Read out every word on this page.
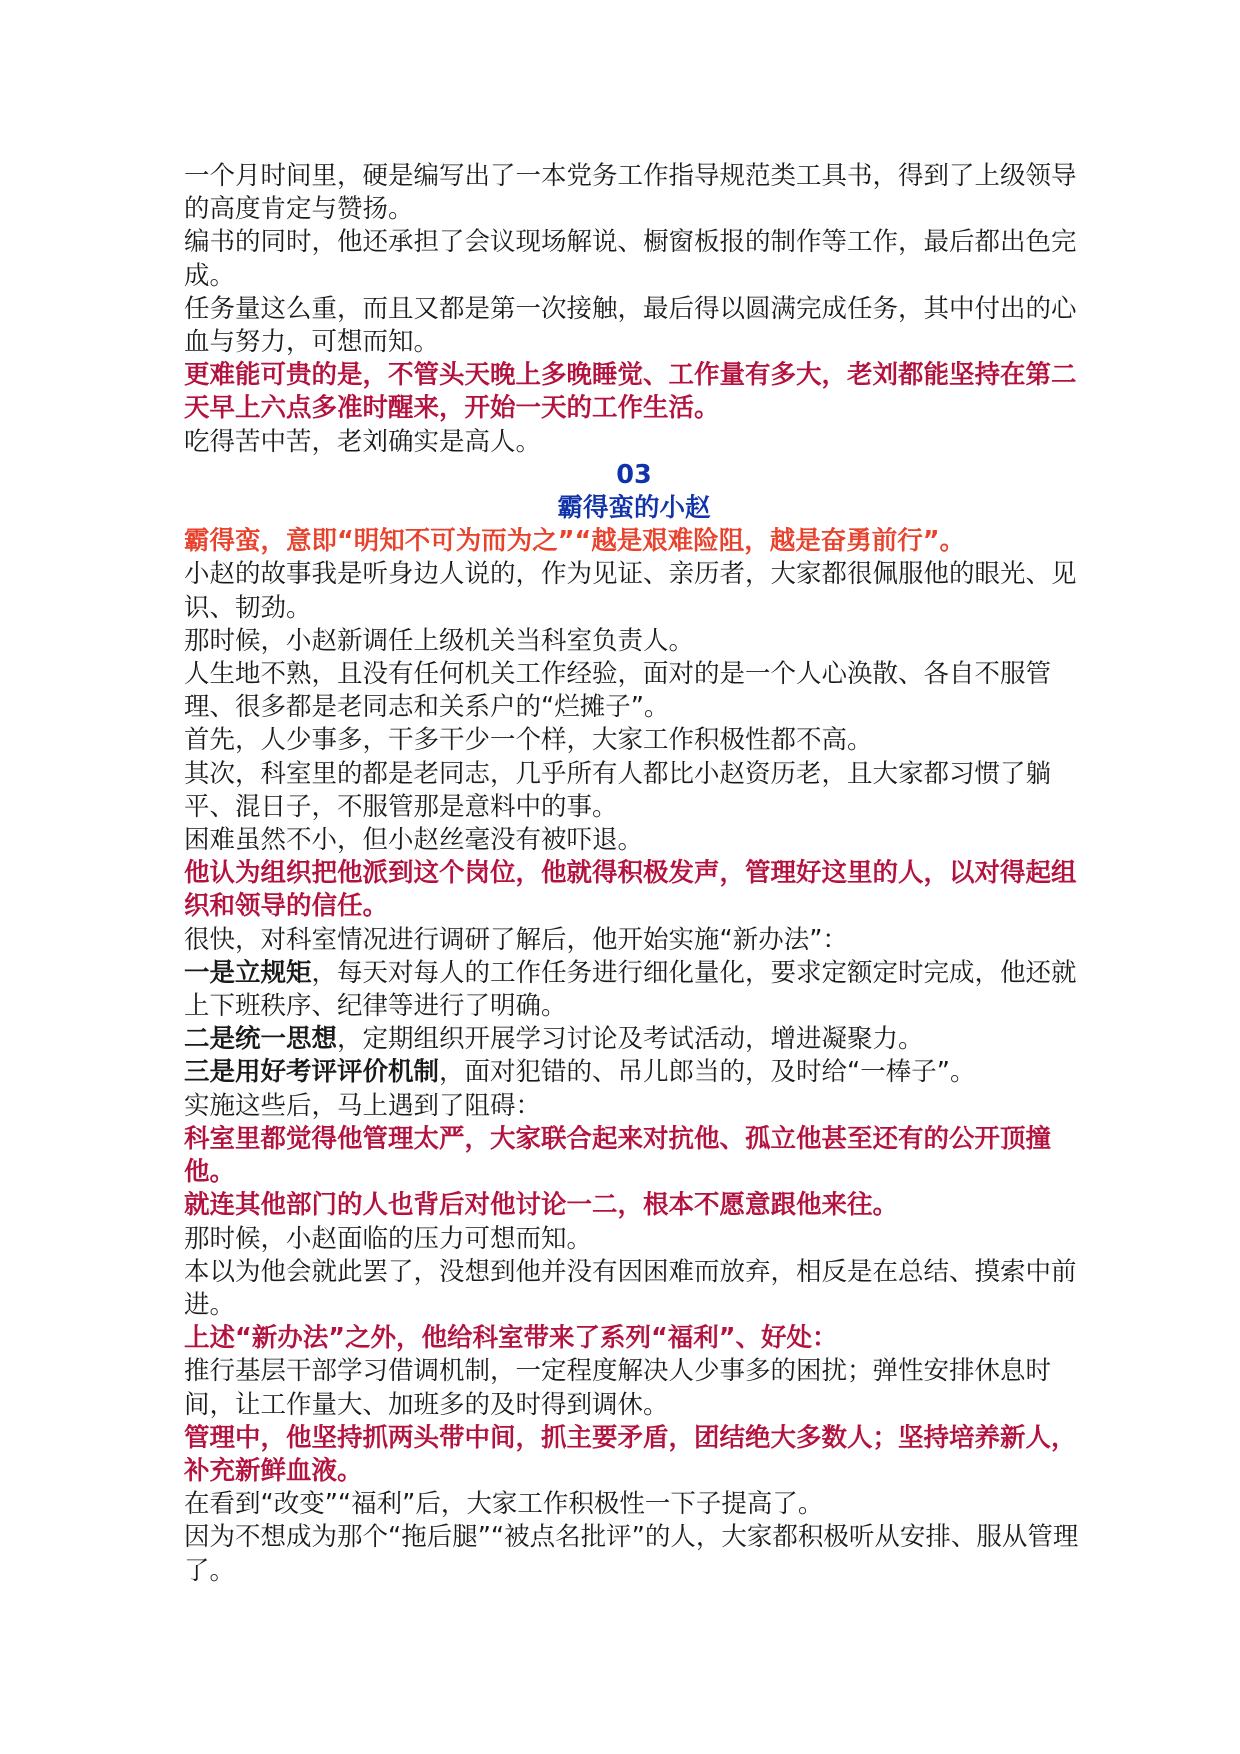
一个月时间里，硬是编写出了一本党务工作指导规范类工具书，得到了上级领导的高度肯定与赞扬。

编书的同时，他还承担了会议现场解说、橱窗板报的制作等工作，最后都出色完成。

任务量这么重，而且又都是第一次接触，最后得以圆满完成任务，其中付出的心血与努力，可想而知。

更难能可贵的是，不管头天晚上多晚睡觉、工作量有多大，老刘都能坚持在第二天早上六点多准时醒来，开始一天的工作生活。

吃得苦中苦，老刘确实是高人。

03

霸得蛮的小赵

霸得蛮，意即“明知不可为而为之”“越是艰难险阻，越是奋勇前行”。

小赵的故事我是听身边人说的，作为见证、亲历者，大家都很佩服他的眼光、见识、韧劲。

那时候，小赵新调任上级机关当科室负责人。

人生地不熟，且没有任何机关工作经验，面对的是一个人心涣散、各自不服管理、很多都是老同志和关系户的“烂摊子”。

首先，人少事多，干多干少一个样，大家工作积极性都不高。

其次，科室里的都是老同志，几乎所有人都比小赵资历老，且大家都习惯了躺平、混日子，不服管那是意料中的事。

困难虽然不小，但小赵丝毫没有被吓退。

他认为组织把他派到这个岗位，他就得积极发声，管理好这里的人，以对得起组织和领导的信任。

很快，对科室情况进行调研了解后，他开始实施“新办法”：

一是立规矩，每天对每人的工作任务进行细化量化，要求定额定时完成，他还就上下班秩序、纪律等进行了明确。

二是统一思想，定期组织开展学习讨论及考试活动，增进凝聚力。

三是用好考评评价机制，面对犯错的、吊儿郎当的，及时给“一棒子”。

实施这些后，马上遇到了阻碍：

科室里都觉得他管理太严，大家联合起来对抗他、孤立他甚至还有的公开顶撞他。

就连其他部门的人也背后对他讨论一二，根本不愿意跟他来往。

那时候，小赵面临的压力可想而知。

本以为他会就此罢了，没想到他并没有因困难而放弃，相反是在总结、摸索中前进。

上述“新办法”之外，他给科室带来了系列“福利”、好处：

推行基层干部学习借调机制，一定程度解决人少事多的困扰；弹性安排休息时间，让工作量大、加班多的及时得到调休。

管理中，他坚持抓两头带中间，抓主要矛盾，团结绝大多数人；坚持培养新人，补充新鲜血液。

在看到“改变”“福利”后，大家工作积极性一下子提高了。

因为不想成为那个“拖后腿”“被点名批评”的人，大家都积极听从安排、服从管理了。
